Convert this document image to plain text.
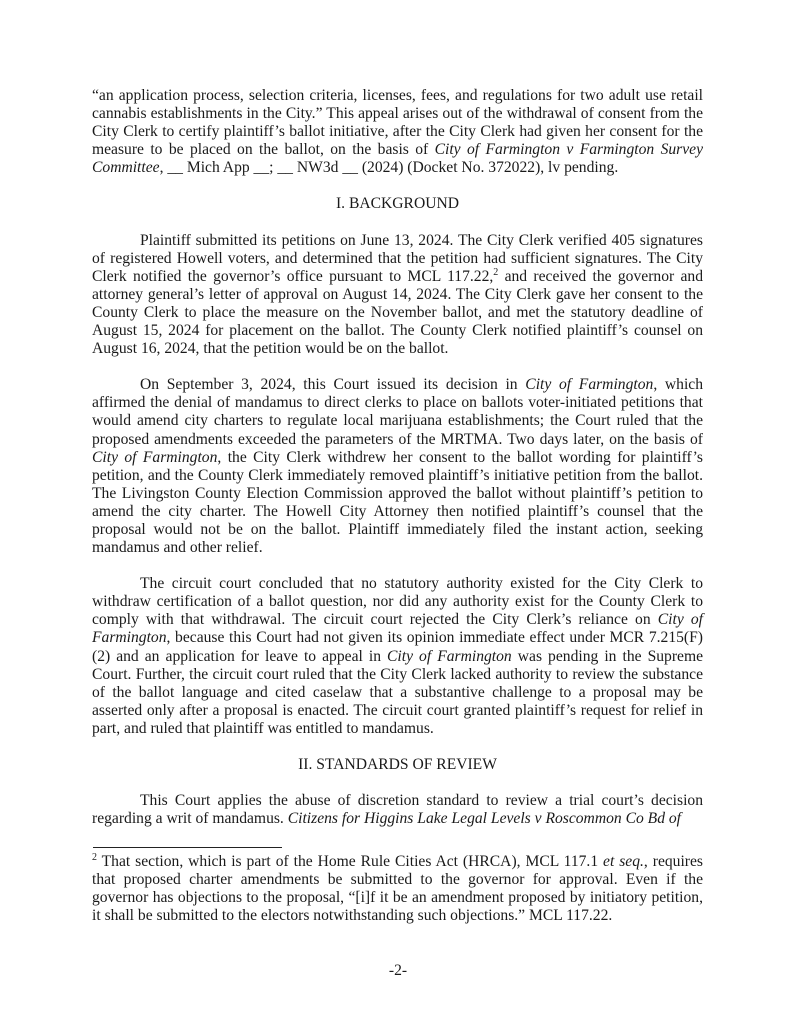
“an application process, selection criteria, licenses, fees, and regulations for two adult use retail cannabis establishments in the City.” This appeal arises out of the withdrawal of consent from the City Clerk to certify plaintiff’s ballot initiative, after the City Clerk had given her consent for the measure to be placed on the ballot, on the basis of City of Farmington v Farmington Survey Committee, __ Mich App __; __ NW3d __ (2024) (Docket No. 372022), lv pending.

I. BACKGROUND

Plaintiff submitted its petitions on June 13, 2024. The City Clerk verified 405 signatures of registered Howell voters, and determined that the petition had sufficient signatures. The City Clerk notified the governor’s office pursuant to MCL 117.22,$^2$ and received the governor and attorney general’s letter of approval on August 14, 2024. The City Clerk gave her consent to the County Clerk to place the measure on the November ballot, and met the statutory deadline of August 15, 2024 for placement on the ballot. The County Clerk notified plaintiff’s counsel on August 16, 2024, that the petition would be on the ballot.

On September 3, 2024, this Court issued its decision in City of Farmington, which affirmed the denial of mandamus to direct clerks to place on ballots voter-initiated petitions that would amend city charters to regulate local marijuana establishments; the Court ruled that the proposed amendments exceeded the parameters of the MRTMA. Two days later, on the basis of City of Farmington, the City Clerk withdrew her consent to the ballot wording for plaintiff’s petition, and the County Clerk immediately removed plaintiff’s initiative petition from the ballot. The Livingston County Election Commission approved the ballot without plaintiff’s petition to amend the city charter. The Howell City Attorney then notified plaintiff’s counsel that the proposal would not be on the ballot. Plaintiff immediately filed the instant action, seeking mandamus and other relief.

The circuit court concluded that no statutory authority existed for the City Clerk to withdraw certification of a ballot question, nor did any authority exist for the County Clerk to comply with that withdrawal. The circuit court rejected the City Clerk’s reliance on City of Farmington, because this Court had not given its opinion immediate effect under MCR 7.215(F)(2) and an application for leave to appeal in City of Farmington was pending in the Supreme Court. Further, the circuit court ruled that the City Clerk lacked authority to review the substance of the ballot language and cited caselaw that a substantive challenge to a proposal may be asserted only after a proposal is enacted. The circuit court granted plaintiff’s request for relief in part, and ruled that plaintiff was entitled to mandamus.

II. STANDARDS OF REVIEW

This Court applies the abuse of discretion standard to review a trial court’s decision regarding a writ of mandamus. Citizens for Higgins Lake Legal Levels v Roscommon Co Bd of

$^2$ That section, which is part of the Home Rule Cities Act (HRCA), MCL 117.1 et seq., requires that proposed charter amendments be submitted to the governor for approval. Even if the governor has objections to the proposal, “[i]f it be an amendment proposed by initiatory petition, it shall be submitted to the electors notwithstanding such objections.” MCL 117.22.
-2-
